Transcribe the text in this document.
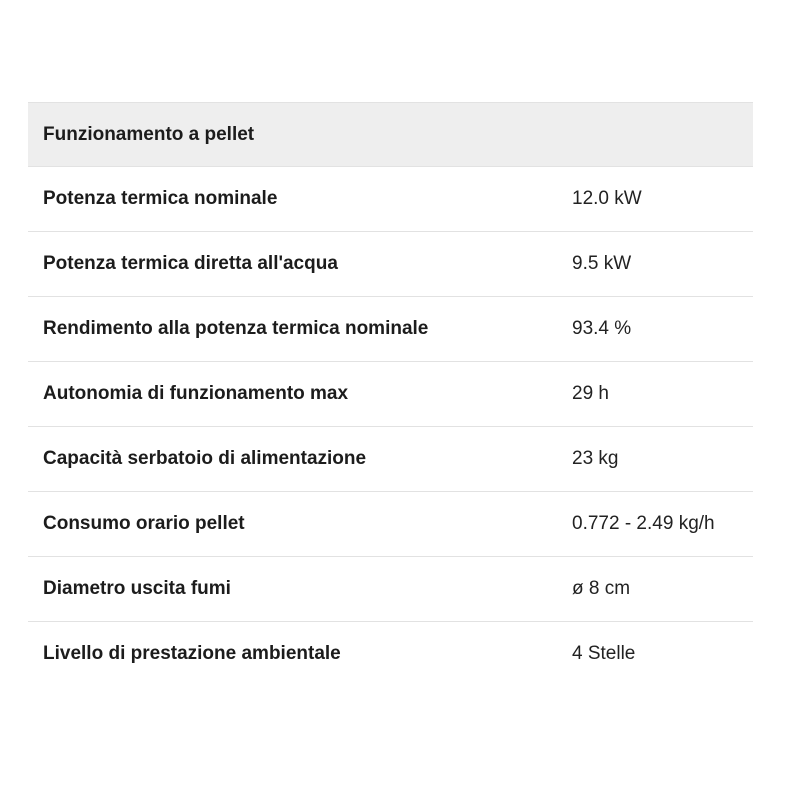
Funzionamento a pellet	
Potenza termica nominale	12.0 kW
Potenza termica diretta all'acqua	9.5 kW
Rendimento alla potenza termica nominale	93.4 %
Autonomia di funzionamento max	29 h
Capacità serbatoio di alimentazione	23 kg
Consumo orario pellet	0.772 - 2.49 kg/h
Diametro uscita fumi	ø 8 cm
Livello di prestazione ambientale	4 Stelle
